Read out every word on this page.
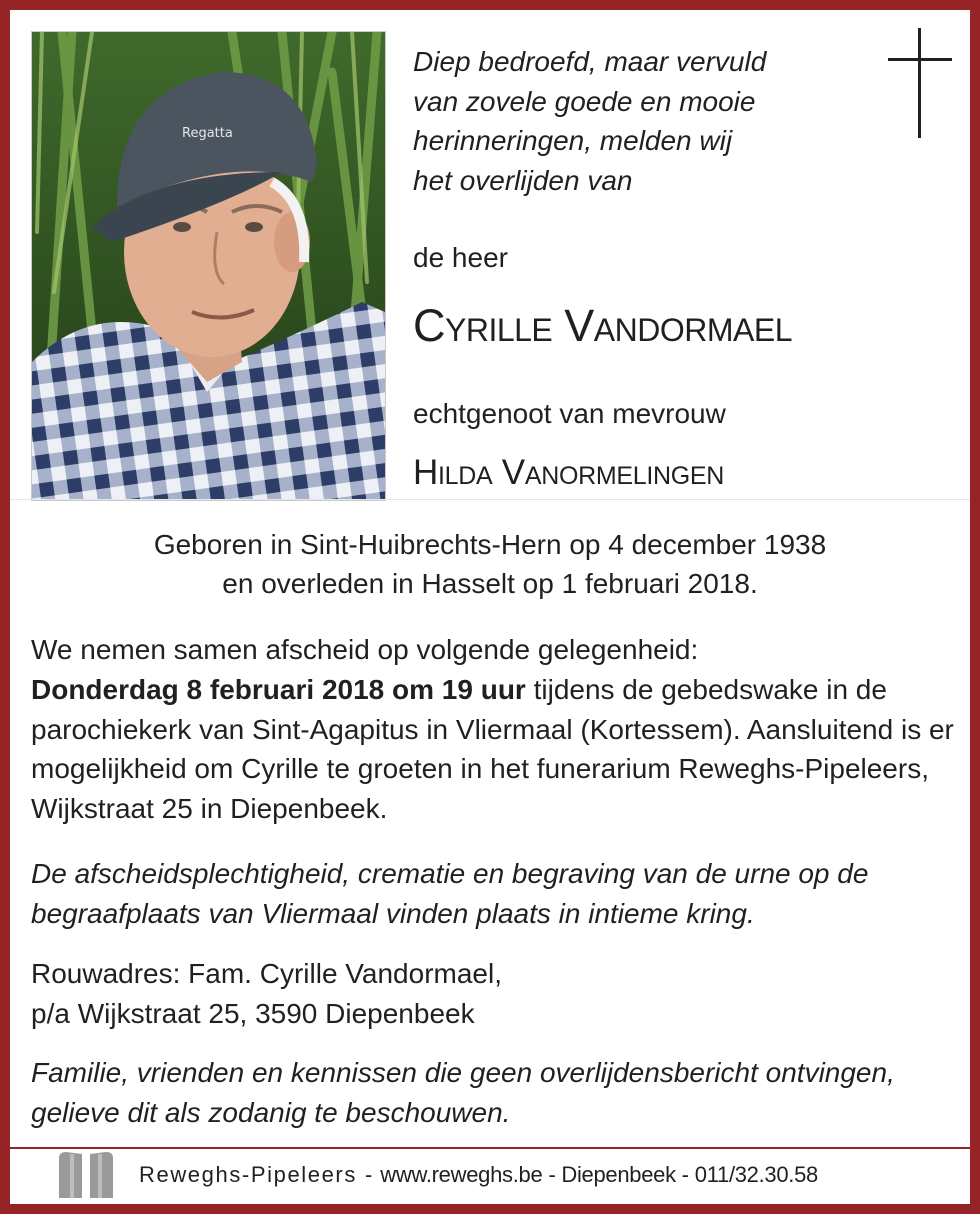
Regatta
Diep bedroefd, maar vervuld
van zovele goede en mooie
herinneringen, melden wij
het overlijden van
de heer
Cyrille Vandormael
echtgenoot van mevrouw
Hilda Vanormelingen
Geboren in Sint-Huibrechts-Hern op 4 december 1938
en overleden in Hasselt op 1 februari 2018.
We nemen samen afscheid op volgende gelegenheid:
Donderdag 8 februari 2018 om 19 uur tijdens de gebedswake in de parochiekerk van Sint-Agapitus in Vliermaal (Kortessem). Aansluitend is er mogelijkheid om Cyrille te groeten in het funerarium Reweghs-Pipeleers, Wijkstraat 25 in Diepenbeek.
De afscheidsplechtigheid, crematie en begraving van de urne op de begraafplaats van Vliermaal vinden plaats in intieme kring.
Rouwadres: Fam. Cyrille Vandormael,
p/a Wijkstraat 25, 3590 Diepenbeek
Familie, vrienden en kennissen die geen overlijdensbericht ontvingen, gelieve dit als zodanig te beschouwen.
Reweghs-Pipeleers - www.reweghs.be - Diepenbeek - 011/32.30.58
